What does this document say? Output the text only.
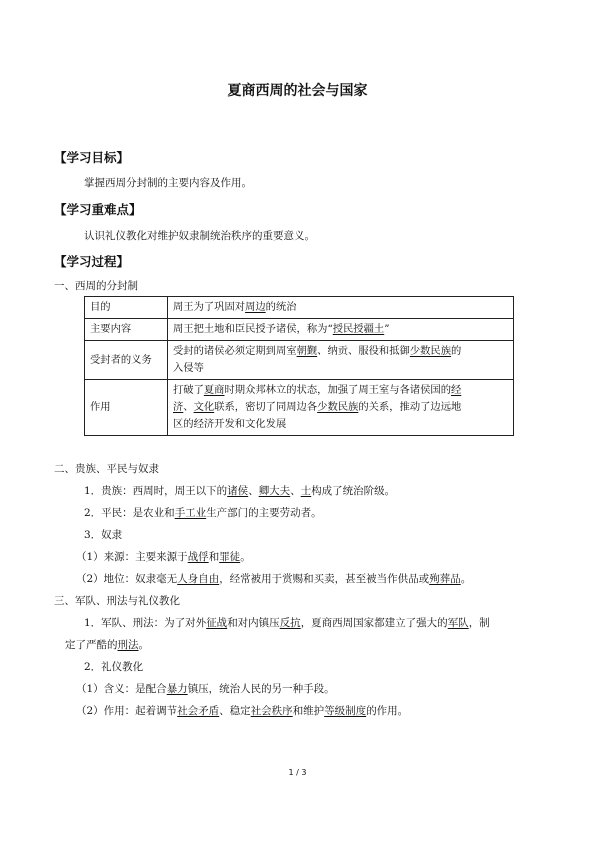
夏商西周的社会与国家
【学习目标】
掌握西周分封制的主要内容及作用。
【学习重难点】
认识礼仪教化对维护奴隶制统治秩序的重要意义。
【学习过程】
一、西周的分封制
目的	周王为了巩固对周边的统治

主要内容	周王把土地和臣民授予诸侯，称为“授民授疆土”

受封者的义务	受封的诸侯必须定期到周室朝觐、纳贡、服役和抵御少数民族的
入侵等

作用	打破了夏商时期众邦林立的状态，加强了周王室与各诸侯国的经
济、文化联系，密切了同周边各少数民族的关系，推动了边远地
区的经济开发和文化发展
二、贵族、平民与奴隶
1．贵族：西周时，周王以下的诸侯、卿大夫、士构成了统治阶级。
2．平民：是农业和手工业生产部门的主要劳动者。
3．奴隶
（1）来源：主要来源于战俘和罪徒。
（2）地位：奴隶毫无人身自由，经常被用于赏赐和买卖，甚至被当作供品或殉葬品。
三、军队、刑法与礼仪教化
1．军队、刑法：为了对外征战和对内镇压反抗，夏商西周国家都建立了强大的军队，制
定了严酷的刑法。
2．礼仪教化
（1）含义：是配合暴力镇压，统治人民的另一种手段。
（2）作用：起着调节社会矛盾、稳定社会秩序和维护等级制度的作用。
1 / 3
